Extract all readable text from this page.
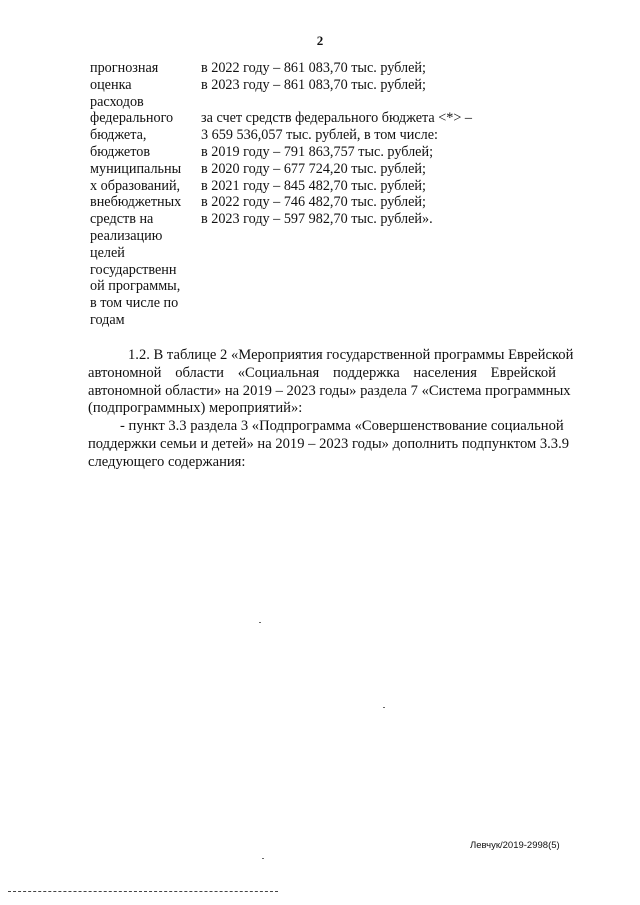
2
прогнозная
оценка
расходов
федерального
бюджета,
бюджетов
муниципальны
х образований,
внебюджетных
средств на
реализацию
целей
государственн
ой программы,
в том числе по
годам
в 2022 году – 861 083,70 тыс. рублей;
в 2023 году – 861 083,70 тыс. рублей;
за счет средств федерального бюджета <*> –
3 659 536,057 тыс. рублей, в том числе:
в 2019 году – 791 863,757 тыс. рублей;
в 2020 году – 677 724,20 тыс. рублей;
в 2021 году – 845 482,70 тыс. рублей;
в 2022 году – 746 482,70 тыс. рублей;
в 2023 году – 597 982,70 тыс. рублей».
1.2. В таблице 2 «Мероприятия государственной программы Еврейской
автономной области «Социальная поддержка населения Еврейской
автономной области» на 2019 – 2023 годы» раздела 7 «Система программных
(подпрограммных) мероприятий»:
- пункт 3.3 раздела 3 «Подпрограмма «Совершенствование социальной
поддержки семьи и детей» на 2019 – 2023 годы» дополнить подпунктом 3.3.9
следующего содержания:
Левчук/2019-2998(5)
